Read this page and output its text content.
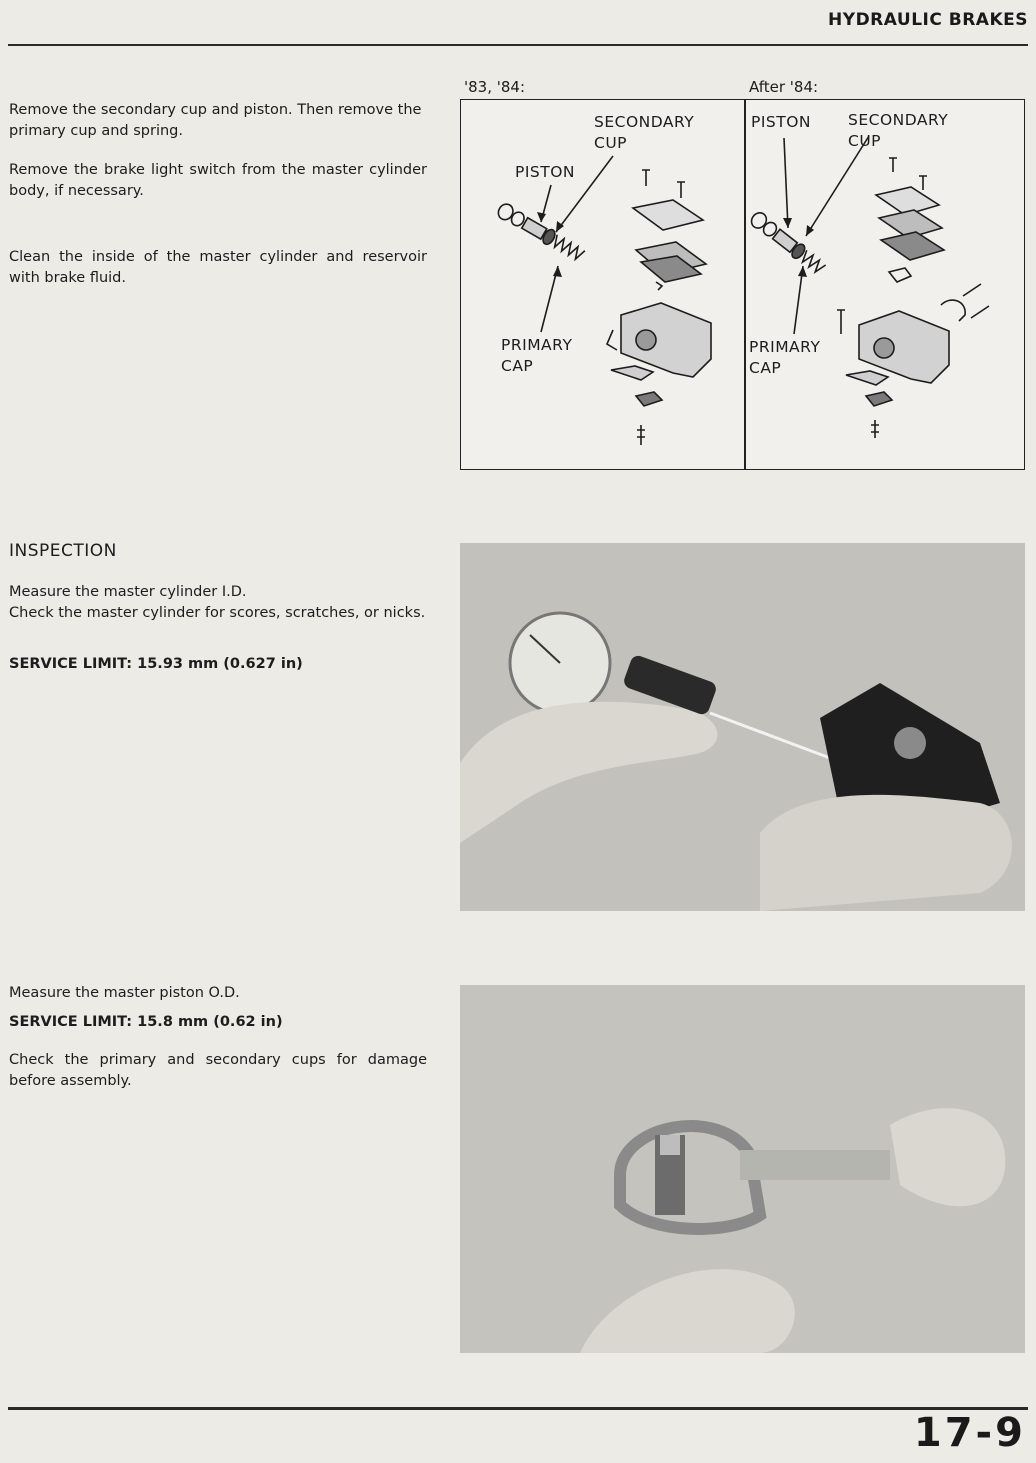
HYDRAULIC BRAKES

Remove the secondary cup and piston. Then remove the primary cup and spring.

Remove the brake light switch from the master cylinder body, if necessary.

Clean the inside of the master cylinder and reservoir with brake fluid.

'83, '84:	After '84:
SECONDARY CUP
PISTON
PRIMARY CAP
PISTON SECONDARY CUP
PRIMARY CAP
INSPECTION

Measure the master cylinder I.D.

Check the master cylinder for scores, scratches, or nicks.

SERVICE LIMIT: 15.93 mm (0.627 in)

Measure the master piston O.D.

SERVICE LIMIT: 15.8 mm (0.62 in)

Check the primary and secondary cups for damage before assembly.

17-9
